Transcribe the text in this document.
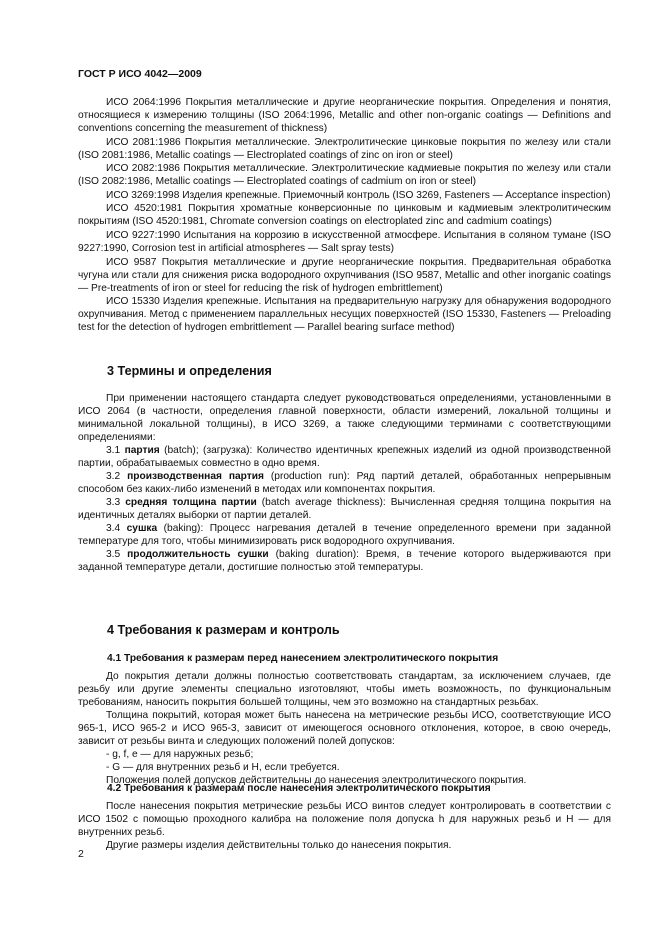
ГОСТ Р ИСО 4042—2009

ИСО 2064:1996 Покрытия металлические и другие неорганические покрытия. Определения и понятия, относящиеся к измерению толщины (ISO 2064:1996, Metallic and other non-organic coatings — Definitions and conventions concerning the measurement of thickness)

ИСО 2081:1986 Покрытия металлические. Электролитические цинковые покрытия по железу или стали (ISO 2081:1986, Metallic coatings — Electroplated coatings of zinc on iron or steel)

ИСО 2082:1986 Покрытия металлические. Электролитические кадмиевые покрытия по железу или стали (ISO 2082:1986, Metallic coatings — Electroplated coatings of cadmium on iron or steel)

ИСО 3269:1998 Изделия крепежные. Приемочный контроль (ISO 3269, Fasteners — Acceptance inspection)

ИСО 4520:1981 Покрытия хроматные конверсионные по цинковым и кадмиевым электролитическим покрытиям (ISO 4520:1981, Chromate conversion coatings on electroplated zinc and cadmium coatings)

ИСО 9227:1990 Испытания на коррозию в искусственной атмосфере. Испытания в соляном тумане (ISO 9227:1990, Corrosion test in artificial atmospheres — Salt spray tests)

ИСО 9587 Покрытия металлические и другие неорганические покрытия. Предварительная обработка чугуна или стали для снижения риска водородного охрупчивания (ISO 9587, Metallic and other inorganic coatings — Pre-treatments of iron or steel for reducing the risk of hydrogen embrittlement)

ИСО 15330 Изделия крепежные. Испытания на предварительную нагрузку для обнаружения водородного охрупчивания. Метод с применением параллельных несущих поверхностей (ISO 15330, Fasteners — Preloading test for the detection of hydrogen embrittlement — Parallel bearing surface method)

3 Термины и определения

При применении настоящего стандарта следует руководствоваться определениями, установленными в ИСО 2064 (в частности, определения главной поверхности, области измерений, локальной толщины и минимальной локальной толщины), в ИСО 3269, а также следующими терминами с соответствующими определениями:

3.1 партия (batch); (загрузка): Количество идентичных крепежных изделий из одной производственной партии, обрабатываемых совместно в одно время.

3.2 производственная партия (production run): Ряд партий деталей, обработанных непрерывным способом без каких-либо изменений в методах или компонентах покрытия.

3.3 средняя толщина партии (batch average thickness): Вычисленная средняя толщина покрытия на идентичных деталях выборки от партии деталей.

3.4 сушка (baking): Процесс нагревания деталей в течение определенного времени при заданной температуре для того, чтобы минимизировать риск водородного охрупчивания.

3.5 продолжительность сушки (baking duration): Время, в течение которого выдерживаются при заданной температуре детали, достигшие полностью этой температуры.

4 Требования к размерам и контроль
4.1 Требования к размерам перед нанесением электролитического покрытия

До покрытия детали должны полностью соответствовать стандартам, за исключением случаев, где резьбу или другие элементы специально изготовляют, чтобы иметь возможность, по функциональным требованиям, наносить покрытия большей толщины, чем это возможно на стандартных резьбах.

Толщина покрытий, которая может быть нанесена на метрические резьбы ИСО, соответствующие ИСО 965-1, ИСО 965-2 и ИСО 965-3, зависит от имеющегося основного отклонения, которое, в свою очередь, зависит от резьбы винта и следующих положений полей допусков:

- g, f, e — для наружных резьб;

- G — для внутренних резьб и H, если требуется.

Положения полей допусков действительны до нанесения электролитического покрытия.

4.2 Требования к размерам после нанесения электролитического покрытия

После нанесения покрытия метрические резьбы ИСО винтов следует контролировать в соответствии с ИСО 1502 с помощью проходного калибра на положение поля допуска h для наружных резьб и H — для внутренних резьб.

Другие размеры изделия действительны только до нанесения покрытия.

2
